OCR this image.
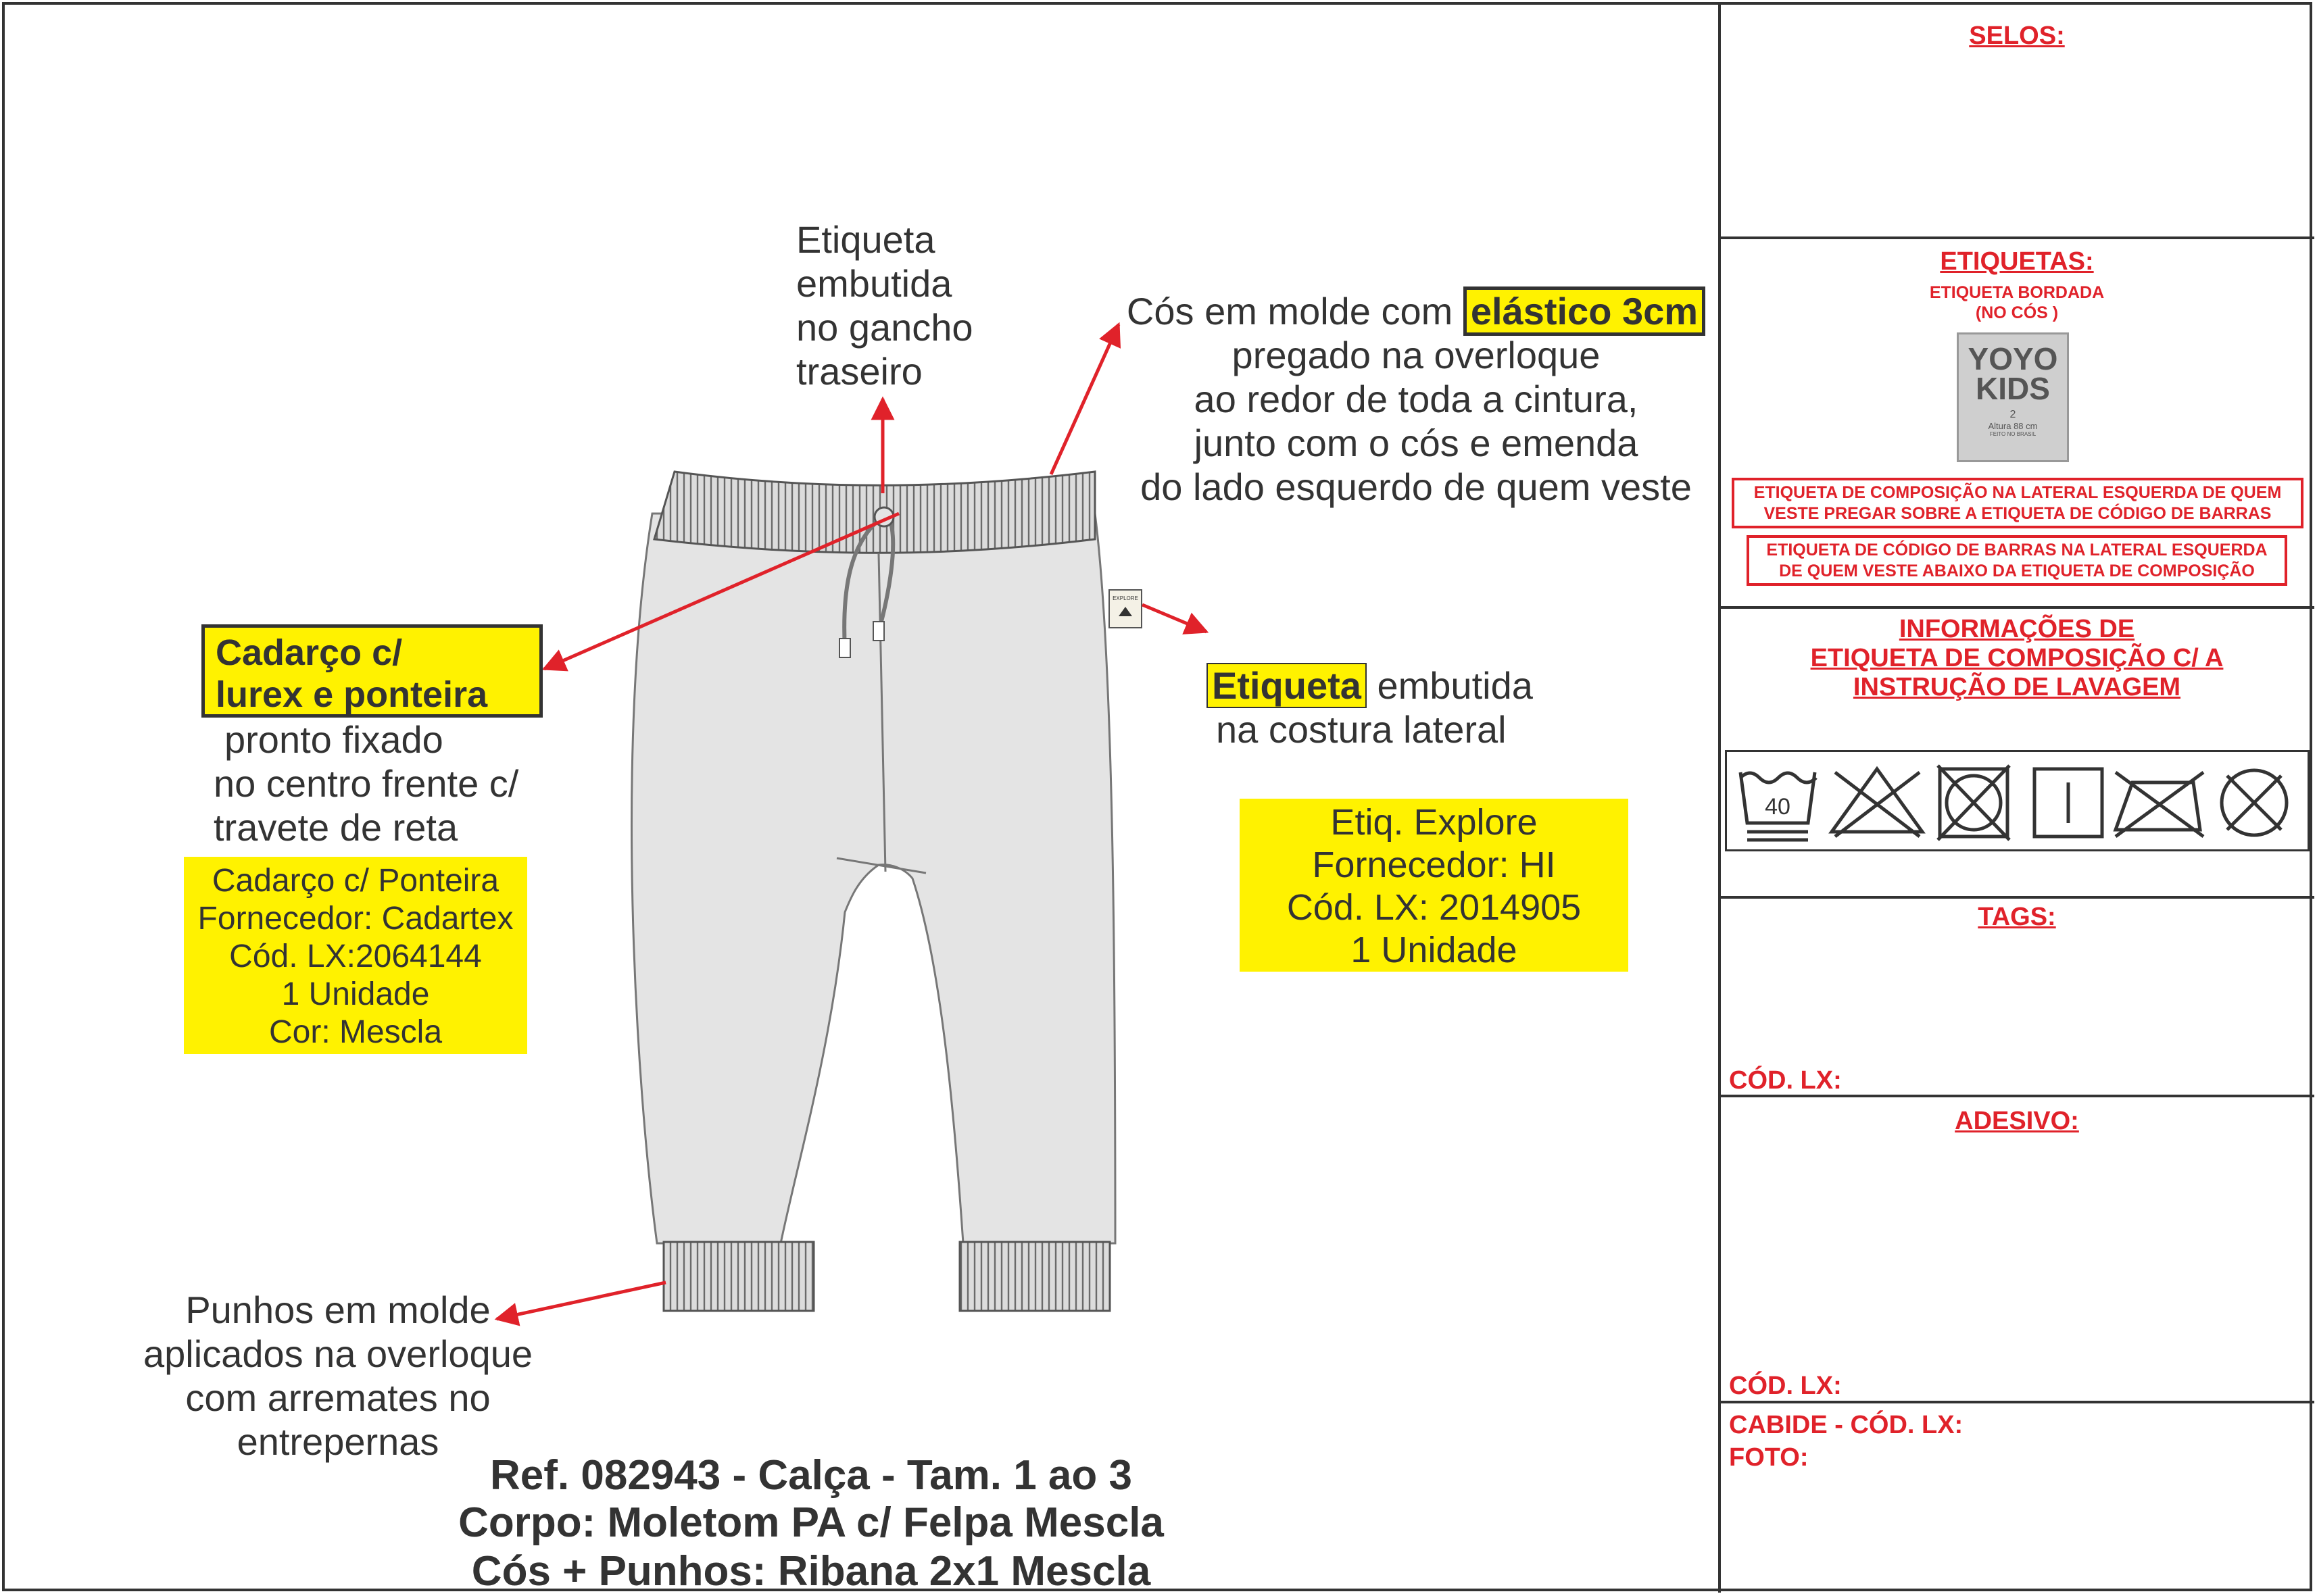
EXPLORE
Etiqueta
embutida
no gancho
traseiro
Cós em molde com elástico 3cm
pregado na overloque
ao redor de toda a cintura,
junto com o cós e emenda
do lado esquerdo de quem veste
Cadarço c/
lurex e ponteira
pronto fixado
no centro frente c/
travete de reta
Etiqueta embutida
na costura lateral
Punhos em molde
aplicados na overloque
com arremates no
entrepernas
Cadarço c/ Ponteira
Fornecedor: Cadartex
Cód. LX:2064144
1 Unidade
Cor: Mescla
Etiq. Explore
Fornecedor: HI
Cód. LX: 2014905
1 Unidade
Ref. 082943 - Calça - Tam. 1 ao 3
Corpo: Moletom PA c/ Felpa Mescla
Cós + Punhos: Ribana 2x1 Mescla
SELOS:
ETIQUETAS:
ETIQUETA BORDADA
(NO CÓS )
YOYO
KIDS
2
Altura 88 cm
FEITO NO BRASIL
ETIQUETA DE COMPOSIÇÃO NA LATERAL ESQUERDA DE QUEM
VESTE PREGAR SOBRE A ETIQUETA DE CÓDIGO DE BARRAS
ETIQUETA DE CÓDIGO DE BARRAS NA LATERAL ESQUERDA
DE QUEM VESTE ABAIXO DA ETIQUETA DE COMPOSIÇÃO
INFORMAÇÕES DE
ETIQUETA DE COMPOSIÇÃO C/ A
INSTRUÇÃO DE LAVAGEM
40
TAGS:
CÓD. LX:
ADESIVO:
CÓD. LX:
CABIDE - CÓD. LX:
FOTO:
